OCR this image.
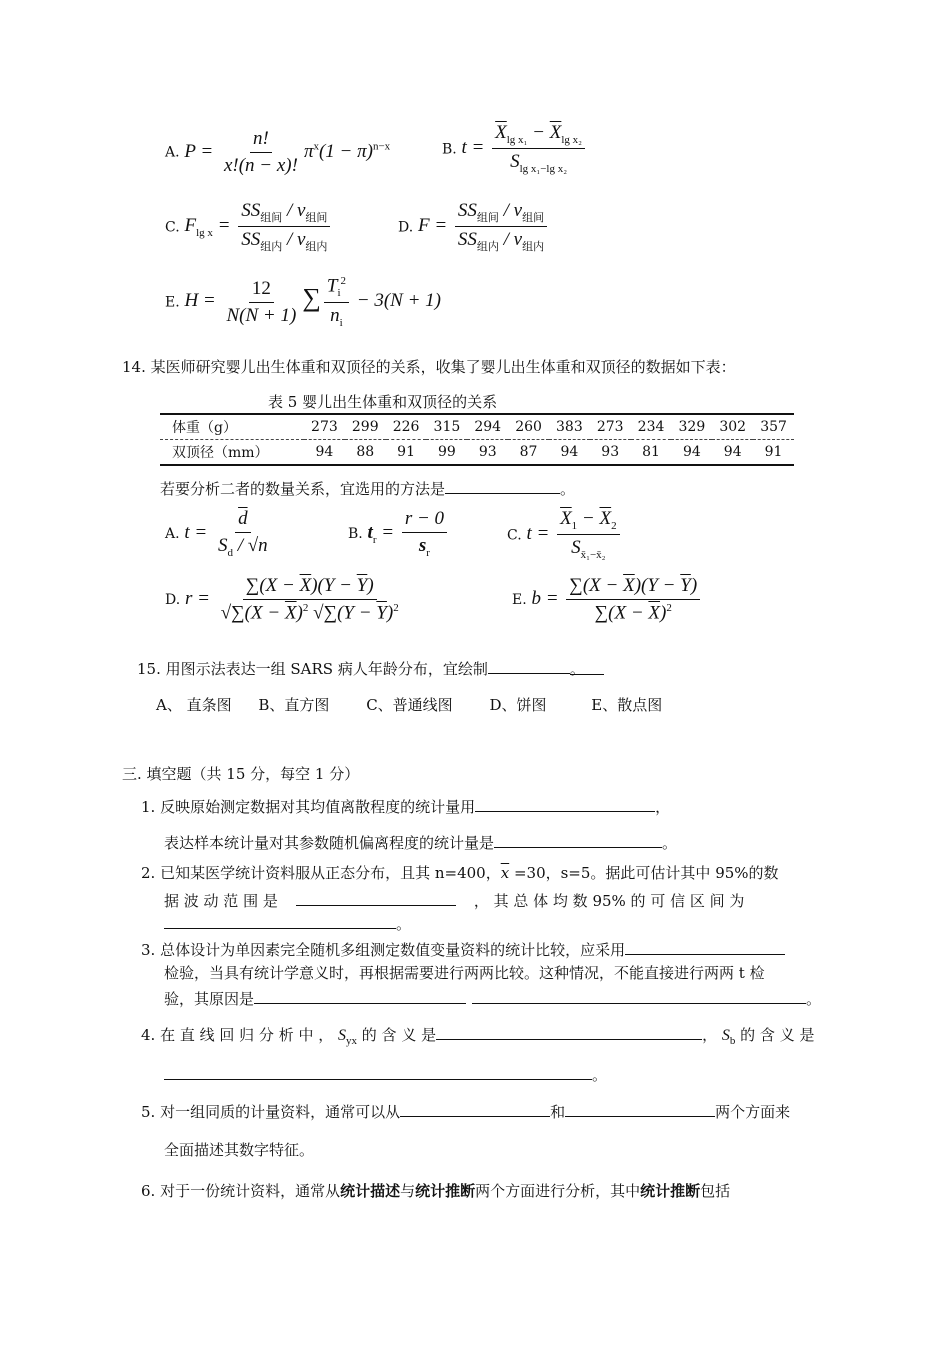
A. $P = \frac{n!}{x!(n - x)!} \pi^x(1 - \pi)^{n-x}$	B. $t = \frac{\overline{X}_{lg x_1} - \overline{X}_{lg x_2}}{S_{lg x_1-lg x_2}}$
C. $F_{lg x} = \frac{SS_{组间} / \nu_{组间}}{SS_{组内} / \nu_{组内}}$	D. $F = \frac{SS_{组间} / \nu_{组间}}{SS_{组内} / \nu_{组内}}$
E. $H = \frac{12}{N(N + 1)}$ ∑ $\frac{T_i^2}{n_i} - 3(N + 1)$
14. 某医师研究婴儿出生体重和双顶径的关系，收集了婴儿出生体重和双顶径的数据如下表：
表 5 婴儿出生体重和双顶径的关系
体重（g）	273	299	226	315	294	260	383	273	234	329	302	357
双顶径（mm）	94	88	91	99	93	87	94	93	81	94	94	91
若要分析二者的数量关系，宜选用的方法是	。
A. $t = \frac{\overline{d}}{S_d / √n}$	B. $t_r = \frac{r - 0}{s_r}$	C. $t = \frac{\overline{X}_1 - \overline{X}_2}{S_{x̄_1-x̄_2}}$
D. $r = \frac{\sum(X - \overline{X})(Y - \overline{Y})}{√\sum(X - \overline{X})^2 √\sum(Y - \overline{Y})^2}$	E. $b = \frac{\sum(X - \overline{X})(Y - \overline{Y})}{\sum(X - \overline{X})^2}$
15. 用图示法表达一组 SARS 病人年龄分布，宜绘制	。
A、 直条图 B、直方图 C、普通线图 D、饼图	E、散点图
三. 填空题（共 15 分，每空 1 分）
1. 反映原始测定数据对其均值离散程度的统计量用	，
表达样本统计量对其参数随机偏离程度的统计量是	。
2. 已知某医学统计资料服从正态分布，且其 n=400，$\overline{x} =30$，s=5。据此可估计其中 95%的数
据 波 动 范 围 是	， 其 总 体 均 数 95% 的 可 信 区 间 为
。
3. 总体设计为单因素完全随机多组测定数值变量资料的统计比较，应采用
检验，当具有统计学意义时，再根据需要进行两两比较。这种情况，不能直接进行两两 t 检
验，其原因是	。
4. 在 直 线 回 归 分 析 中 ， $S_{yx}$ 的 含 义 是	， $S_b$ 的 含 义 是
。
5. 对一组同质的计量资料，通常可以从	和	两个方面来
全面描述其数字特征。
6. 对于一份统计资料，通常从统计描述与统计推断两个方面进行分析，其中统计推断包括
